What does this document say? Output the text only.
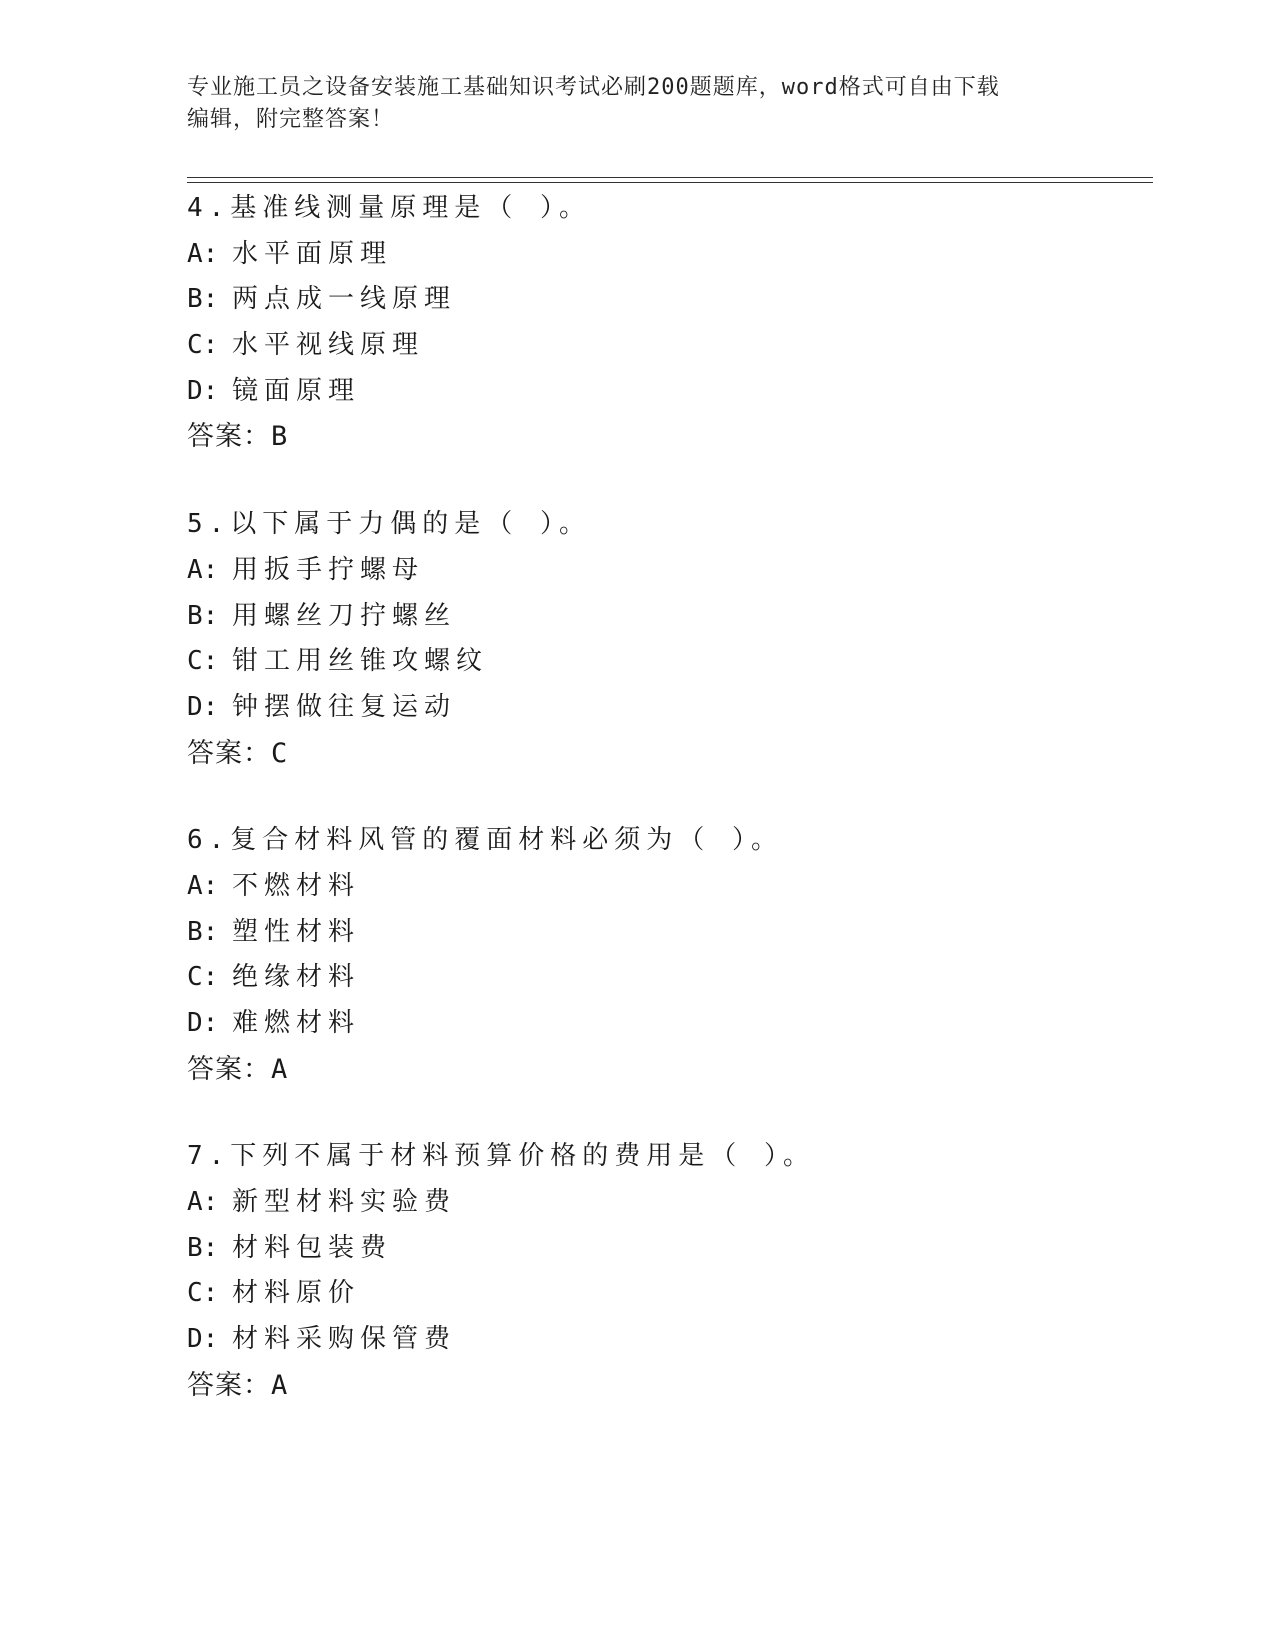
专业施工员之设备安装施工基础知识考试必刷200题题库，word格式可自由下载
编辑，附完整答案！
4.基准线测量原理是（ ）。
A: 水平面原理
B: 两点成一线原理
C: 水平视线原理
D: 镜面原理
答案：B
5.以下属于力偶的是（ ）。
A: 用扳手拧螺母
B: 用螺丝刀拧螺丝
C: 钳工用丝锥攻螺纹
D: 钟摆做往复运动
答案：C
6.复合材料风管的覆面材料必须为（ ）。
A: 不燃材料
B: 塑性材料
C: 绝缘材料
D: 难燃材料
答案：A
7.下列不属于材料预算价格的费用是（ ）。
A: 新型材料实验费
B: 材料包装费
C: 材料原价
D: 材料采购保管费
答案：A
